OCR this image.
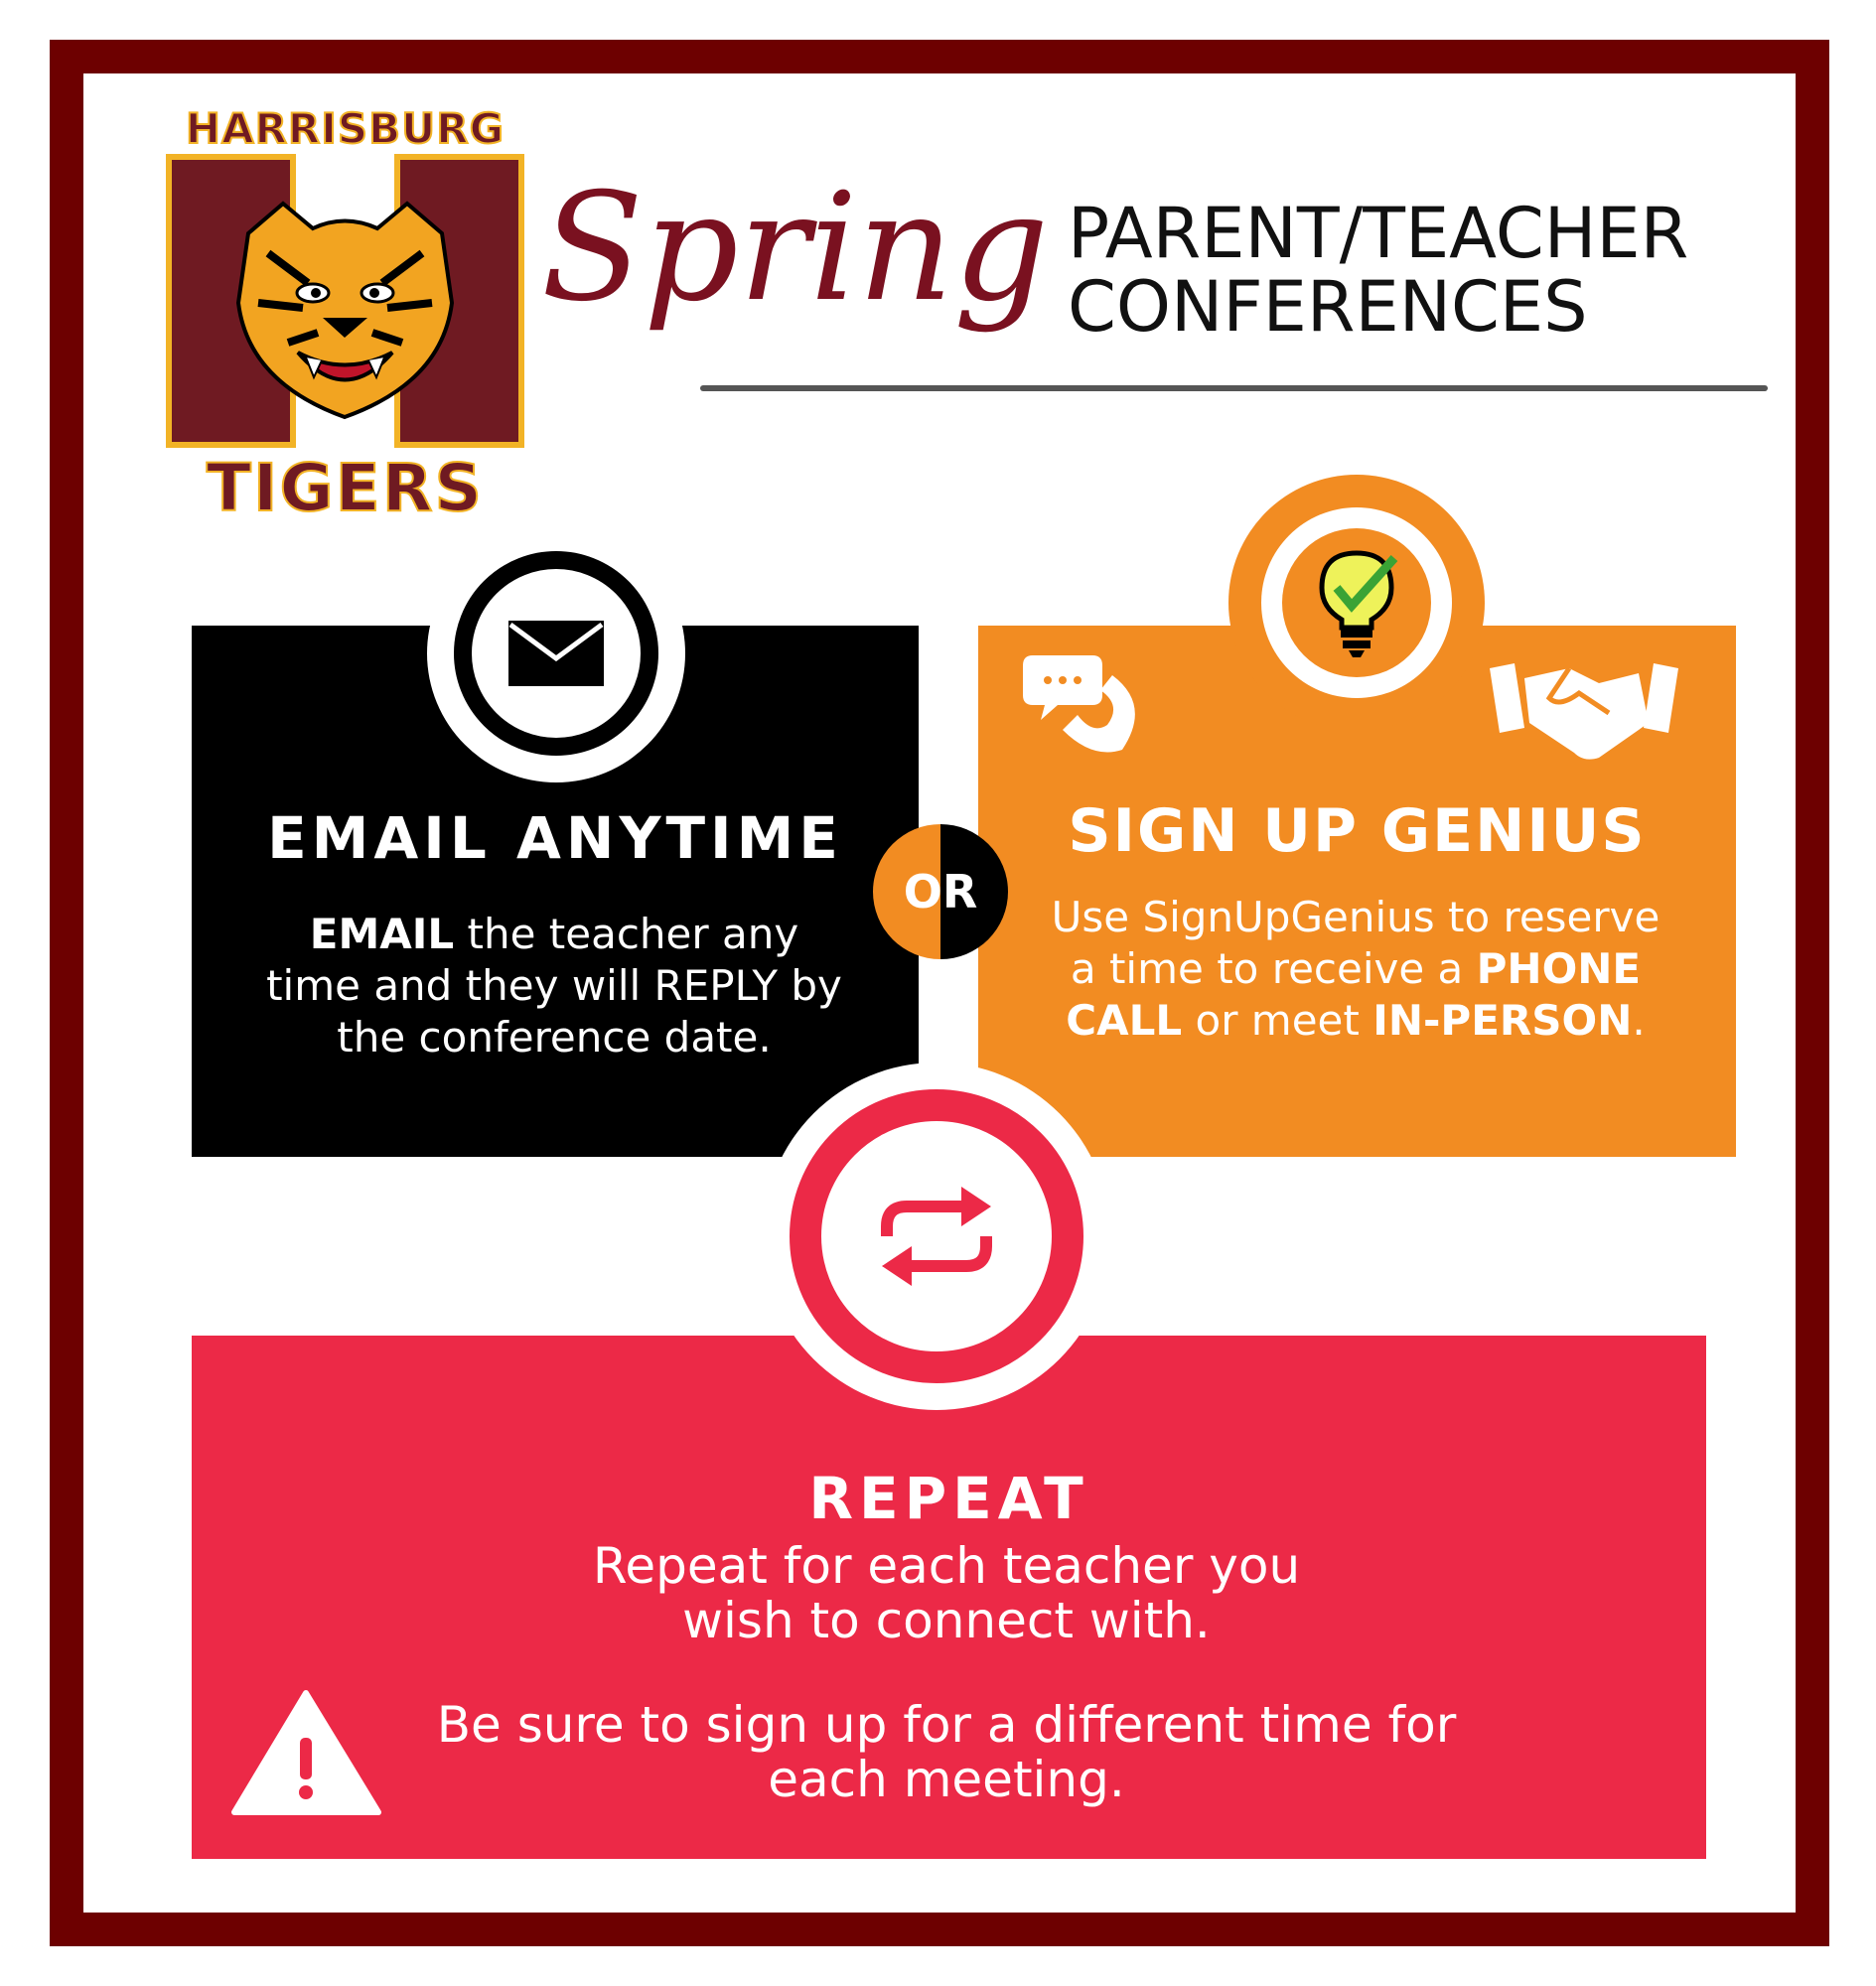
HARRISBURG
TIGERS
Spring PARENT/TEACHER
CONFERENCES
EMAIL ANYTIME
EMAIL the teacher any time and they will REPLY by the conference date.
SIGN UP GENIUS
Use SignUpGenius to reserve a time to receive a PHONE CALL or meet IN-PERSON.
OR
REPEAT
Repeat for each teacher you wish to connect with.
Be sure to sign up for a different time for each meeting.
